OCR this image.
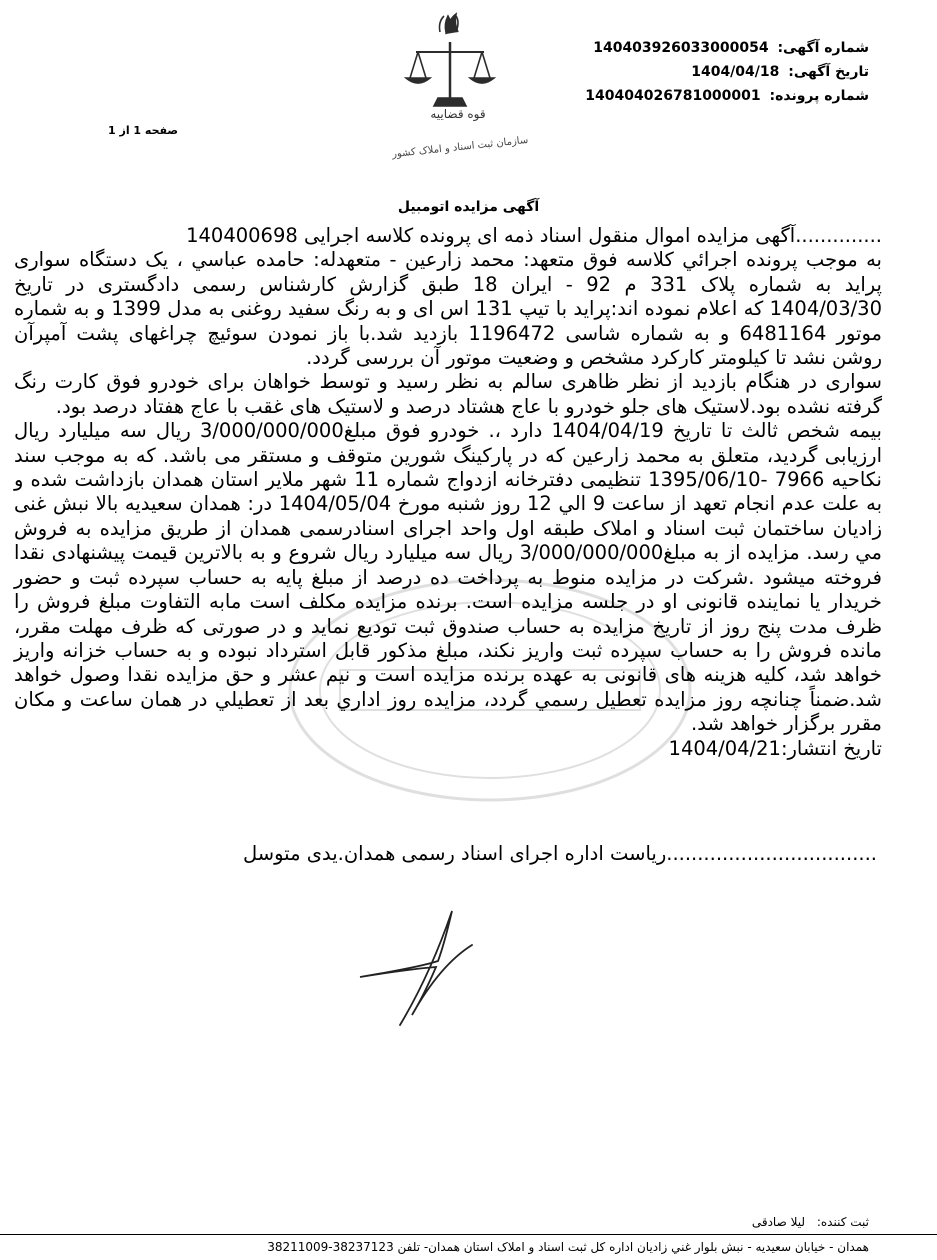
شماره آگهی: 140403926033000054
تاریخ آگهی: 1404/04/18
شماره پرونده: 140404026781000001
صفحه 1 از 1
قوه قضاییه
سازمان ثبت اسناد و املاک کشور
آگهی مزایده اتومبیل

..............آگهی مزایده اموال منقول اسناد ذمه ای پرونده کلاسه اجرایی 140400698

به موجب پرونده اجرائي كلاسه فوق متعهد: محمد زارعين - متعهدله: حامده عباسي ، یک دستگاه سواری پراید به شماره پلاک 331 م 92 - ایران 18 طبق گزارش کارشناس رسمی دادگستری در تاریخ 1404/03/30 که اعلام نموده اند:پراید با تیپ 131 اس ای و به رنگ سفید روغنی به مدل 1399 و به شماره موتور 6481164 و به شماره شاسی 1196472 بازدید شد.با باز نمودن سوئیچ چراغهای پشت آمپرآن روشن نشد تا کیلومتر کارکرد مشخص و وضعیت موتور آن بررسی گردد.

سواری در هنگام بازدید از نظر ظاهری سالم به نظر رسید و توسط خواهان برای خودرو فوق کارت رنگ گرفته نشده بود.لاستیک های جلو خودرو با عاج هشتاد درصد و لاستیک های غقب با عاج هفتاد درصد بود.

بیمه شخص ثالث تا تاریخ 1404/04/19 دارد ،. خودرو فوق مبلغ3/000/000/000 ریال سه میلیارد ریال ارزیابی گردید، متعلق به محمد زارعین که در پارکینگ شورین متوقف و مستقر می باشد. که به موجب سند نکاحیه 7966 -1395/06/10 تنظیمی دفترخانه ازدواج شماره 11 شهر ملایر استان همدان بازداشت شده و به علت عدم انجام تعهد از ساعت 9 الي 12 روز شنبه مورخ 1404/05/04 در: همدان سعیدیه بالا نبش غنی زادیان ساختمان ثبت اسناد و املاک طبقه اول واحد اجرای اسنادرسمی همدان از طريق مزايده به فروش مي رسد. مزایده از به مبلغ3/000/000/000 ریال سه میلیارد ریال شروع و به بالاترین قیمت پیشنهادی نقدا فروخته میشود .شرکت در مزایده منوط به پرداخت ده درصد از مبلغ پایه به حساب سپرده ثبت و حضور خریدار یا نماینده قانونی او در جلسه مزایده است. برنده مزایده مکلف است مابه التفاوت مبلغ فروش را ظرف مدت پنج روز از تاریخ مزایده به حساب صندوق ثبت تودیع نماید و در صورتی که ظرف مهلت مقرر، مانده فروش را به حساب سپرده ثبت واریز نکند، مبلغ مذکور قابل استرداد نبوده و به حساب خزانه واریز خواهد شد، کلیه هزینه های قانونی به عهده برنده مزایده است و نیم عشر و حق مزایده نقدا وصول خواهد شد.ضمناً چنانچه روز مزايده تعطيل رسمي گردد، مزايده روز اداري بعد از تعطيلي در همان ساعت و مكان مقرر برگزار خواهد شد.

تاریخ انتشار:1404/04/21

..................................ریاست اداره اجرای اسناد رسمی همدان.یدی متوسل
ثبت کننده: لیلا صادقی
همدان - خیابان سعیدیه - نبش بلوار غني زاديان اداره کل ثبت اسناد و املاک استان همدان- تلفن 38237123-38211009
